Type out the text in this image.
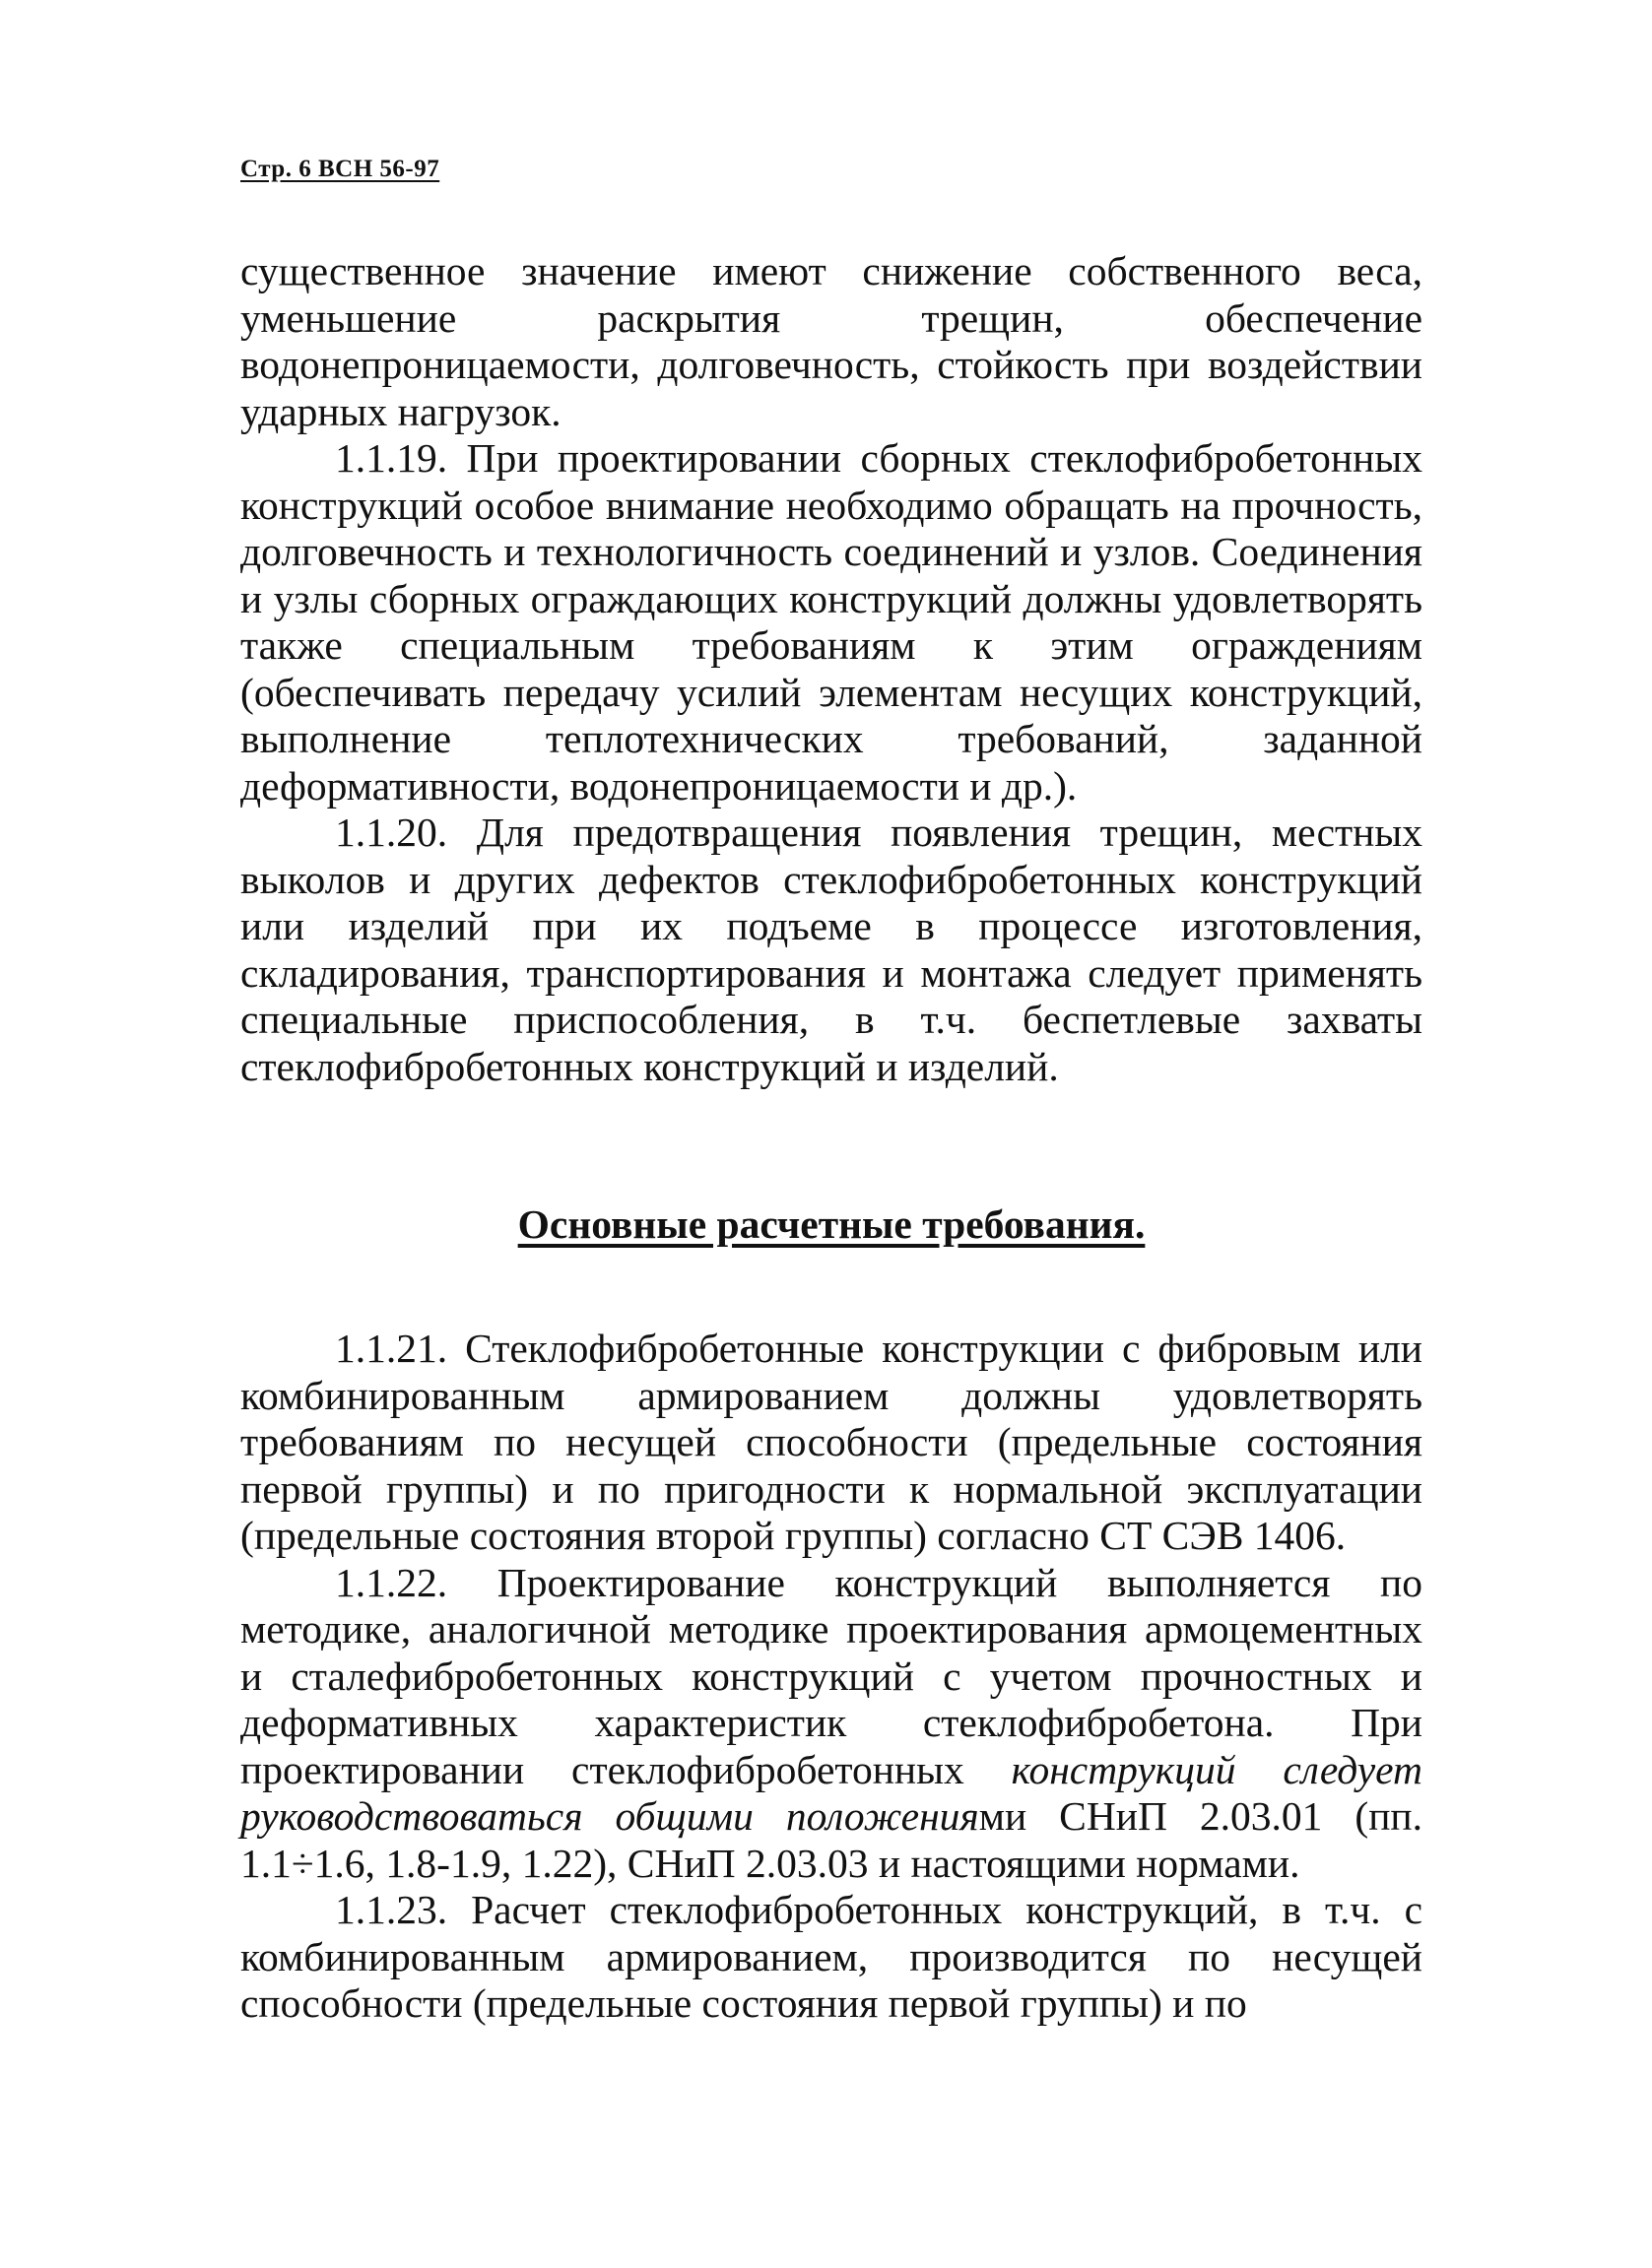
Стр. 6 ВСН 56-97

существенное значение имеют снижение собственного веса, уменьшение раскрытия трещин, обеспечение водонепроницаемости, долговечность, стойкость при воздействии ударных нагрузок.

1.1.19. При проектировании сборных стеклофибробетонных конструкций особое внимание необходимо обращать на прочность, долговечность и технологичность соединений и узлов. Соединения и узлы сборных ограждающих конструкций должны удовлетворять также специальным требованиям к этим ограждениям (обеспечивать передачу усилий элементам несущих конструкций, выполнение теплотехнических требований, заданной деформативности, водонепроницаемости и др.).

1.1.20. Для предотвращения появления трещин, местных выколов и других дефектов стеклофибробетонных конструкций или изделий при их подъеме в процессе изготовления, складирования, транспортирования и монтажа следует применять специальные приспособления, в т.ч. беспетлевые захваты стеклофибробетонных конструкций и изделий.

Основные расчетные требования.

1.1.21. Стеклофибробетонные конструкции с фибровым или комбинированным армированием должны удовлетворять требованиям по несущей способности (предельные состояния первой группы) и по пригодности к нормальной эксплуатации (предельные состояния второй группы) согласно СТ СЭВ 1406.

1.1.22. Проектирование конструкций выполняется по методике, аналогичной методике проектирования армоцементных и сталефибробетонных конструкций с учетом прочностных и деформативных характеристик стеклофибробетона. При проектировании стеклофибробетонных конструкций следует руководствоваться общими положениями СНиП 2.03.01 (пп. 1.1÷1.6, 1.8-1.9, 1.22), СНиП 2.03.03 и настоящими нормами.

1.1.23. Расчет стеклофибробетонных конструкций, в т.ч. с комбинированным армированием, производится по несущей способности (предельные состояния первой группы) и по
